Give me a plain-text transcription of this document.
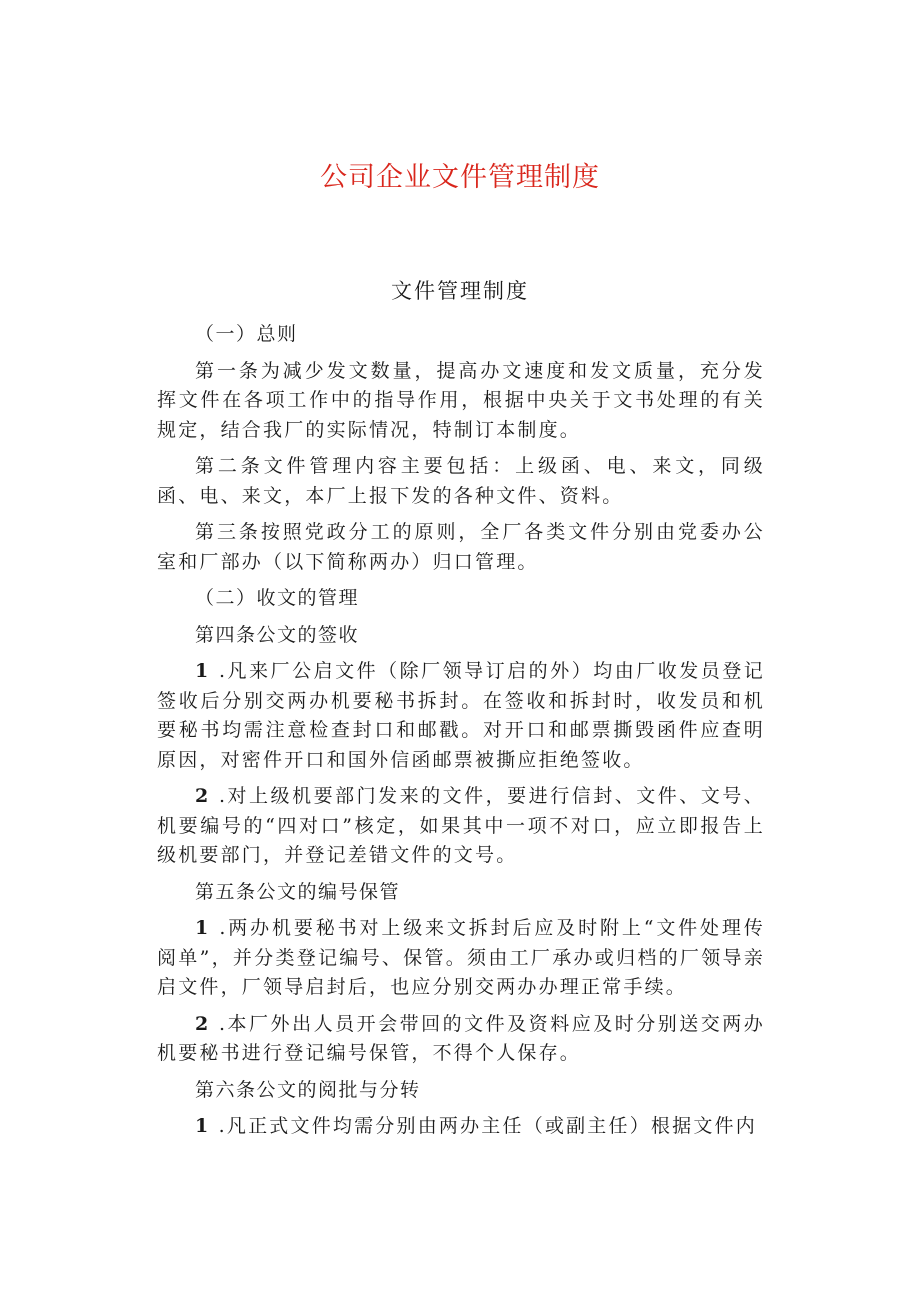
公司企业文件管理制度
文件管理制度

（一）总则

第一条为减少发文数量，提高办文速度和发文质量，充分发挥文件在各项工作中的指导作用，根据中央关于文书处理的有关规定，结合我厂的实际情况，特制订本制度。

第二条文件管理内容主要包括：上级函、电、来文，同级函、电、来文，本厂上报下发的各种文件、资料。

第三条按照党政分工的原则，全厂各类文件分别由党委办公室和厂部办（以下简称两办）归口管理。

（二）收文的管理

第四条公文的签收

1 .凡来厂公启文件（除厂领导订启的外）均由厂收发员登记签收后分别交两办机要秘书拆封。在签收和拆封时，收发员和机要秘书均需注意检查封口和邮戳。对开口和邮票撕毁函件应查明原因，对密件开口和国外信函邮票被撕应拒绝签收。

2 .对上级机要部门发来的文件，要进行信封、文件、文号、机要编号的“四对口”核定，如果其中一项不对口，应立即报告上级机要部门，并登记差错文件的文号。

第五条公文的编号保管

1 .两办机要秘书对上级来文拆封后应及时附上“文件处理传阅单”，并分类登记编号、保管。须由工厂承办或归档的厂领导亲启文件，厂领导启封后，也应分别交两办办理正常手续。

2 .本厂外出人员开会带回的文件及资料应及时分别送交两办机要秘书进行登记编号保管，不得个人保存。

第六条公文的阅批与分转

1 .凡正式文件均需分别由两办主任（或副主任）根据文件内
